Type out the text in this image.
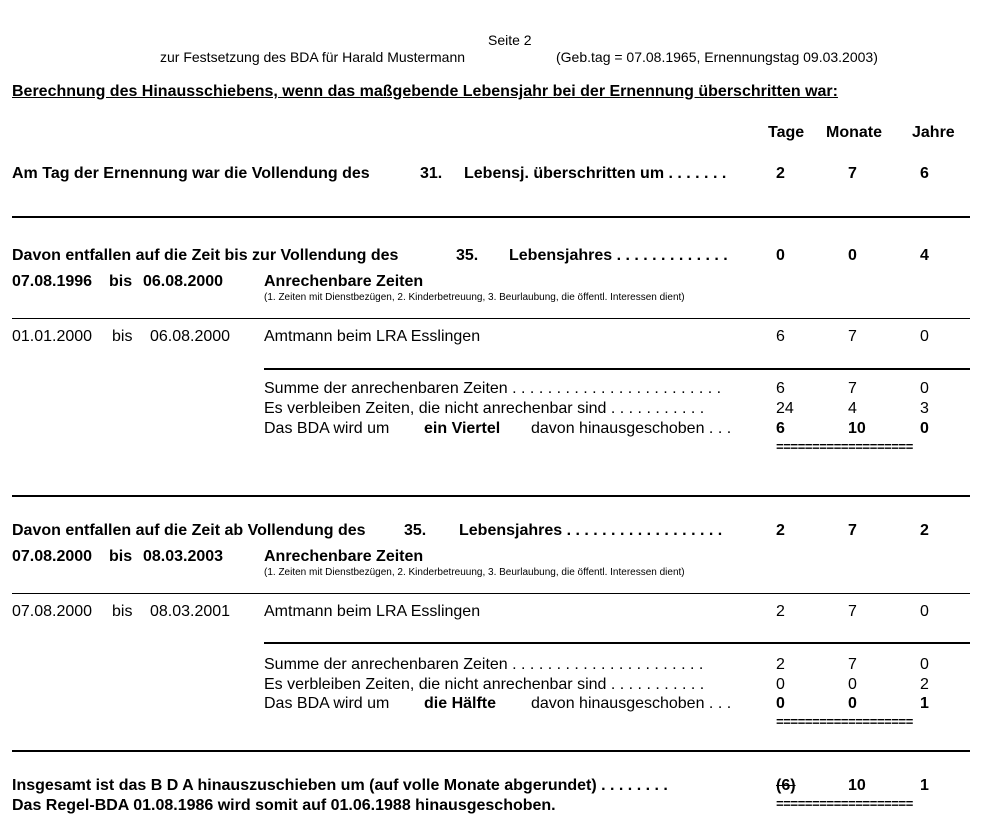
Seite 2
zur Festsetzung des BDA für Harald Mustermann	(Geb.tag = 07.08.1965, Ernennungstag 09.03.2003)
Berechnung des Hinausschiebens, wenn das maßgebende Lebensjahr bei der Ernennung überschritten war:
Tage Monate Jahre
Am Tag der Ernennung war die Vollendung des	31. Lebensj. überschritten um . . . . . . .	2	7	6
Davon entfallen auf die Zeit bis zur Vollendung des	35. Lebensjahres . . . . . . . . . . . . .	0	0	4
07.08.1996 bis 06.08.2000	Anrechenbare Zeiten
(1. Zeiten mit Dienstbezügen, 2. Kinderbetreuung, 3. Beurlaubung, die öffentl. Interessen dient)
01.01.2000 bis 06.08.2000 Amtmann beim LRA Esslingen	6	7	0
Summe der anrechenbaren Zeiten . . . . . . . . . . . . . . . . . . . . . . . .	6	7	0
Es verbleiben Zeiten, die nicht anrechenbar sind . . . . . . . . . . .	24	4	3
Das BDA wird um ein Viertel davon hinausgeschoben . . .	6	10	0
===================
Davon entfallen auf die Zeit ab Vollendung des 35. Lebensjahres . . . . . . . . . . . . . . . . . .	2	7	2
07.08.2000 bis 08.03.2003	Anrechenbare Zeiten
(1. Zeiten mit Dienstbezügen, 2. Kinderbetreuung, 3. Beurlaubung, die öffentl. Interessen dient)
07.08.2000 bis 08.03.2001 Amtmann beim LRA Esslingen	2	7	0
Summe der anrechenbaren Zeiten . . . . . . . . . . . . . . . . . . . . . .	2	7	0
Es verbleiben Zeiten, die nicht anrechenbar sind . . . . . . . . . . .	0	0	2
Das BDA wird um die Hälfte davon hinausgeschoben . . .	0	0	1
===================
Insgesamt ist das B D A hinauszuschieben um (auf volle Monate abgerundet) . . . . . . . .	(6)	10	1
Das Regel-BDA 01.08.1986 wird somit auf 01.06.1988 hinausgeschoben.	===================
